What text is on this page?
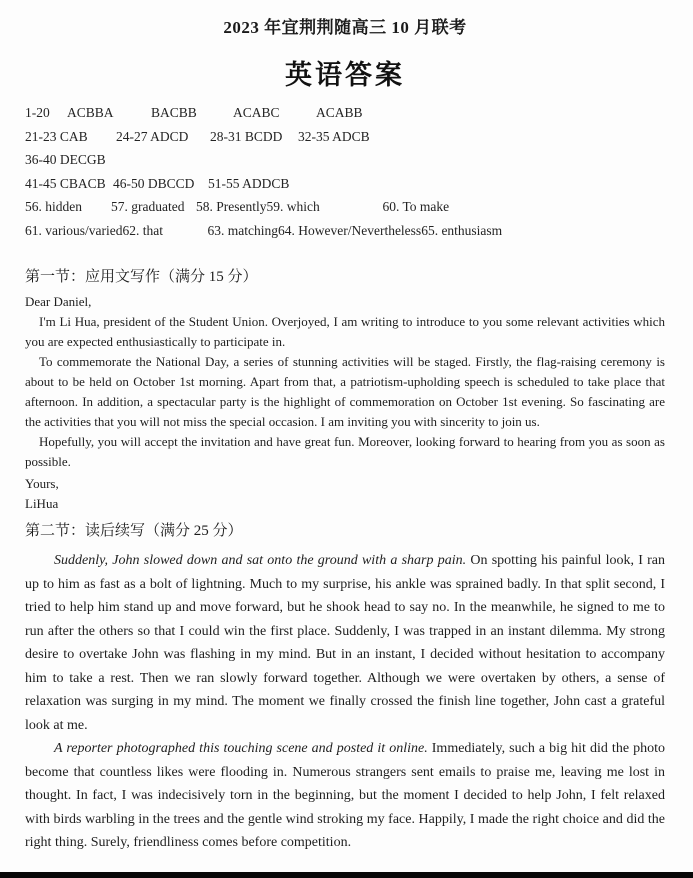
2023 年宜荆荆随高三 10 月联考
英语答案
1-20 ACBBA	BACBB	ACABC	ACABB
21-23 CAB 24-27 ADCD 28-31 BCDD 32-35 ADCB
36-40 DECGB
41-45 CBACB 46-50 DBCCD 51-55 ADDCB
56. hidden 57. graduated 58. Presently59. which	60. To make
61. various/varied62. that	63. matching64. However/Nevertheless65. enthusiasm
第一节：应用文写作（满分 15 分）

Dear Daniel,

I'm Li Hua, president of the Student Union. Overjoyed, I am writing to introduce to you some relevant activities which you are expected enthusiastically to participate in.

To commemorate the National Day, a series of stunning activities will be staged. Firstly, the flag-raising ceremony is about to be held on October 1st morning. Apart from that, a patriotism-upholding speech is scheduled to take place that afternoon. In addition, a spectacular party is the highlight of commemoration on October 1st evening. So fascinating are the activities that you will not miss the special occasion. I am inviting you with sincerity to join us.

Hopefully, you will accept the invitation and have great fun. Moreover, looking forward to hearing from you as soon as possible.

Yours,

LiHua

第二节：读后续写（满分 25 分）

Suddenly, John slowed down and sat onto the ground with a sharp pain. On spotting his painful look, I ran up to him as fast as a bolt of lightning. Much to my surprise, his ankle was sprained badly. In that split second, I tried to help him stand up and move forward, but he shook head to say no. In the meanwhile, he signed to me to run after the others so that I could win the first place. Suddenly, I was trapped in an instant dilemma. My strong desire to overtake John was flashing in my mind. But in an instant, I decided without hesitation to accompany him to take a rest. Then we ran slowly forward together. Although we were overtaken by others, a sense of relaxation was surging in my mind. The moment we finally crossed the finish line together, John cast a grateful look at me.

A reporter photographed this touching scene and posted it online. Immediately, such a big hit did the photo become that countless likes were flooding in. Numerous strangers sent emails to praise me, leaving me lost in thought. In fact, I was indecisively torn in the beginning, but the moment I decided to help John, I felt relaxed with birds warbling in the trees and the gentle wind stroking my face. Happily, I made the right choice and did the right thing. Surely, friendliness comes before competition.
